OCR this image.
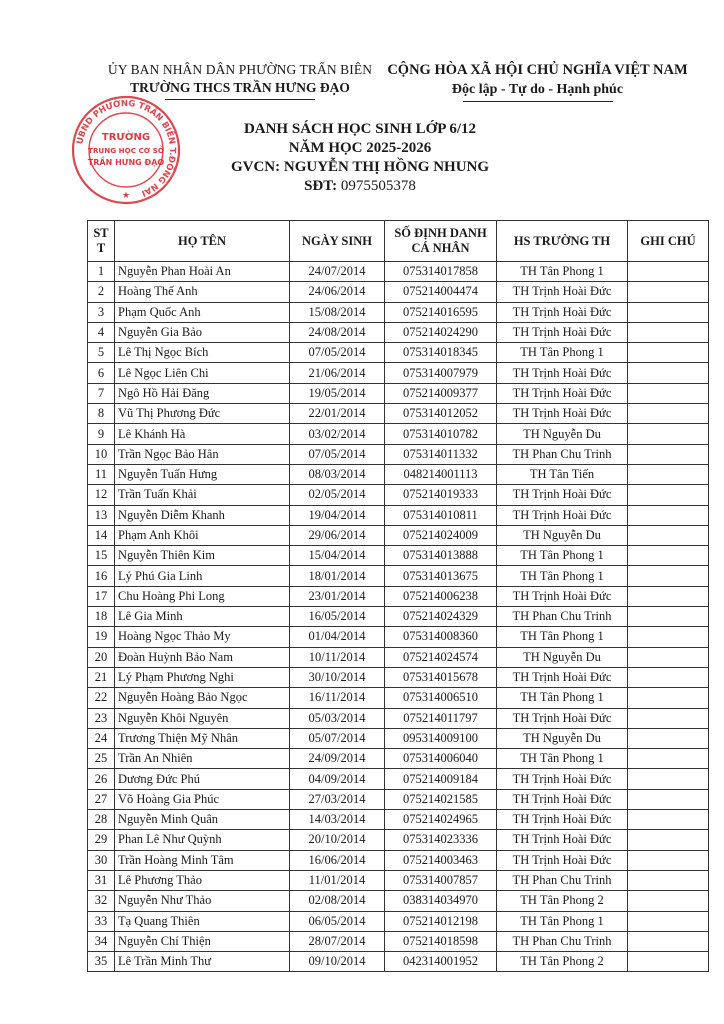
ỦY BAN NHÂN DÂN PHƯỜNG TRẤN BIÊN
TRƯỜNG THCS TRẦN HƯNG ĐẠO
CỘNG HÒA XÃ HỘI CHỦ NGHĨA VIỆT NAM
Độc lập - Tự do - Hạnh phúc
UBND PHƯỜNG TRẤN BIÊN T.ĐỒNG NAI
TRƯỜNG
TRUNG HỌC CƠ SỞ
TRẦN HƯNG ĐẠO
★
DANH SÁCH HỌC SINH LỚP 6/12
NĂM HỌC 2025-2026
GVCN: NGUYỄN THỊ HỒNG NHUNG
SĐT: 0975505378
ST T	HỌ TÊN	NGÀY SINH	SỐ ĐỊNH DANH CÁ NHÂN	HS TRƯỜNG TH	GHI CHÚ
1	Nguyễn Phan Hoài An	24/07/2014	075314017858	TH Tân Phong 1	
2	Hoàng Thế Anh	24/06/2014	075214004474	TH Trịnh Hoài Đức	
3	Phạm Quốc Anh	15/08/2014	075214016595	TH Trịnh Hoài Đức	
4	Nguyễn Gia Bảo	24/08/2014	075214024290	TH Trịnh Hoài Đức	
5	Lê Thị Ngọc Bích	07/05/2014	075314018345	TH Tân Phong 1	
6	Lê Ngọc Liên Chi	21/06/2014	075314007979	TH Trịnh Hoài Đức	
7	Ngô Hồ Hải Đăng	19/05/2014	075214009377	TH Trịnh Hoài Đức	
8	Vũ Thị Phương Đức	22/01/2014	075314012052	TH Trịnh Hoài Đức	
9	Lê Khánh Hà	03/02/2014	075314010782	TH Nguyễn Du	
10	Trần Ngọc Bảo Hân	07/05/2014	075314011332	TH Phan Chu Trinh	
11	Nguyễn Tuấn Hưng	08/03/2014	048214001113	TH Tân Tiến	
12	Trần Tuấn Khải	02/05/2014	075214019333	TH Trịnh Hoài Đức	
13	Nguyễn Diễm Khanh	19/04/2014	075314010811	TH Trịnh Hoài Đức	
14	Phạm Anh Khôi	29/06/2014	075214024009	TH Nguyễn Du	
15	Nguyễn Thiên Kim	15/04/2014	075314013888	TH Tân Phong 1	
16	Lý Phú Gia Linh	18/01/2014	075314013675	TH Tân Phong 1	
17	Chu Hoàng Phi Long	23/01/2014	075214006238	TH Trịnh Hoài Đức	
18	Lê Gia Minh	16/05/2014	075214024329	TH Phan Chu Trinh	
19	Hoàng Ngọc Thảo My	01/04/2014	075314008360	TH Tân Phong 1	
20	Đoàn Huỳnh Bảo Nam	10/11/2014	075214024574	TH Nguyễn Du	
21	Lý Phạm Phương Nghi	30/10/2014	075314015678	TH Trịnh Hoài Đức	
22	Nguyễn Hoàng Bảo Ngọc	16/11/2014	075314006510	TH Tân Phong 1	
23	Nguyễn Khôi Nguyên	05/03/2014	075214011797	TH Trịnh Hoài Đức	
24	Trương Thiện Mỹ Nhân	05/07/2014	095314009100	TH Nguyễn Du	
25	Trần An Nhiên	24/09/2014	075314006040	TH Tân Phong 1	
26	Dương Đức Phú	04/09/2014	075214009184	TH Trịnh Hoài Đức	
27	Võ Hoàng Gia Phúc	27/03/2014	075214021585	TH Trịnh Hoài Đức	
28	Nguyễn Minh Quân	14/03/2014	075214024965	TH Trịnh Hoài Đức	
29	Phan Lê Như Quỳnh	20/10/2014	075314023336	TH Trịnh Hoài Đức	
30	Trần Hoàng Minh Tâm	16/06/2014	075214003463	TH Trịnh Hoài Đức	
31	Lê Phương Thảo	11/01/2014	075314007857	TH Phan Chu Trinh	
32	Nguyễn Như Thảo	02/08/2014	038314034970	TH Tân Phong 2	
33	Tạ Quang Thiên	06/05/2014	075214012198	TH Tân Phong 1	
34	Nguyễn Chí Thiện	28/07/2014	075214018598	TH Phan Chu Trinh	
35	Lê Trần Minh Thư	09/10/2014	042314001952	TH Tân Phong 2	
